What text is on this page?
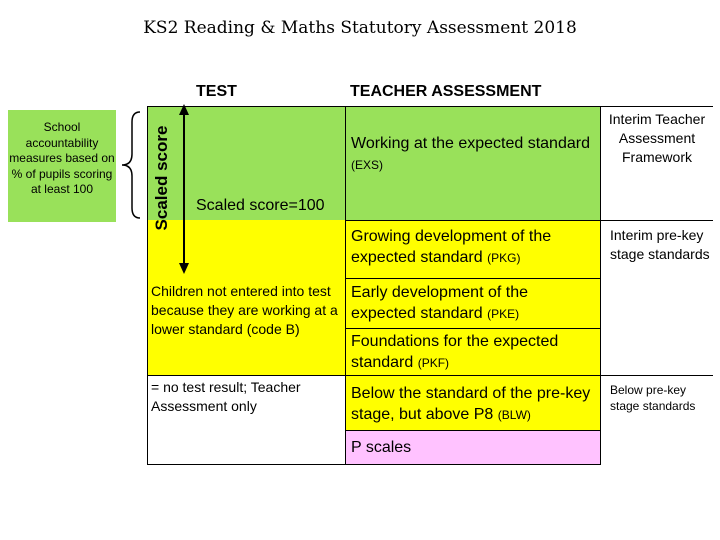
KS2 Reading & Maths Statutory Assessment 2018
TEST	TEACHER ASSESSMENT
School accountability measures based on % of pupils scoring at least 100	Scaled score Scaled score=100
Children not entered into test because they are working at a lower standard (code B)
= no test result; Teacher Assessment only
Working at the expected standard (EXS)
Growing development of the expected standard (PKG)
Early development of the expected standard (PKE)
Foundations for the expected standard (PKF)
Below the standard of the pre-key stage, but above P8 (BLW)
P scales
Interim Teacher Assessment Framework
Interim pre-key stage standards
Below pre-key stage standards
